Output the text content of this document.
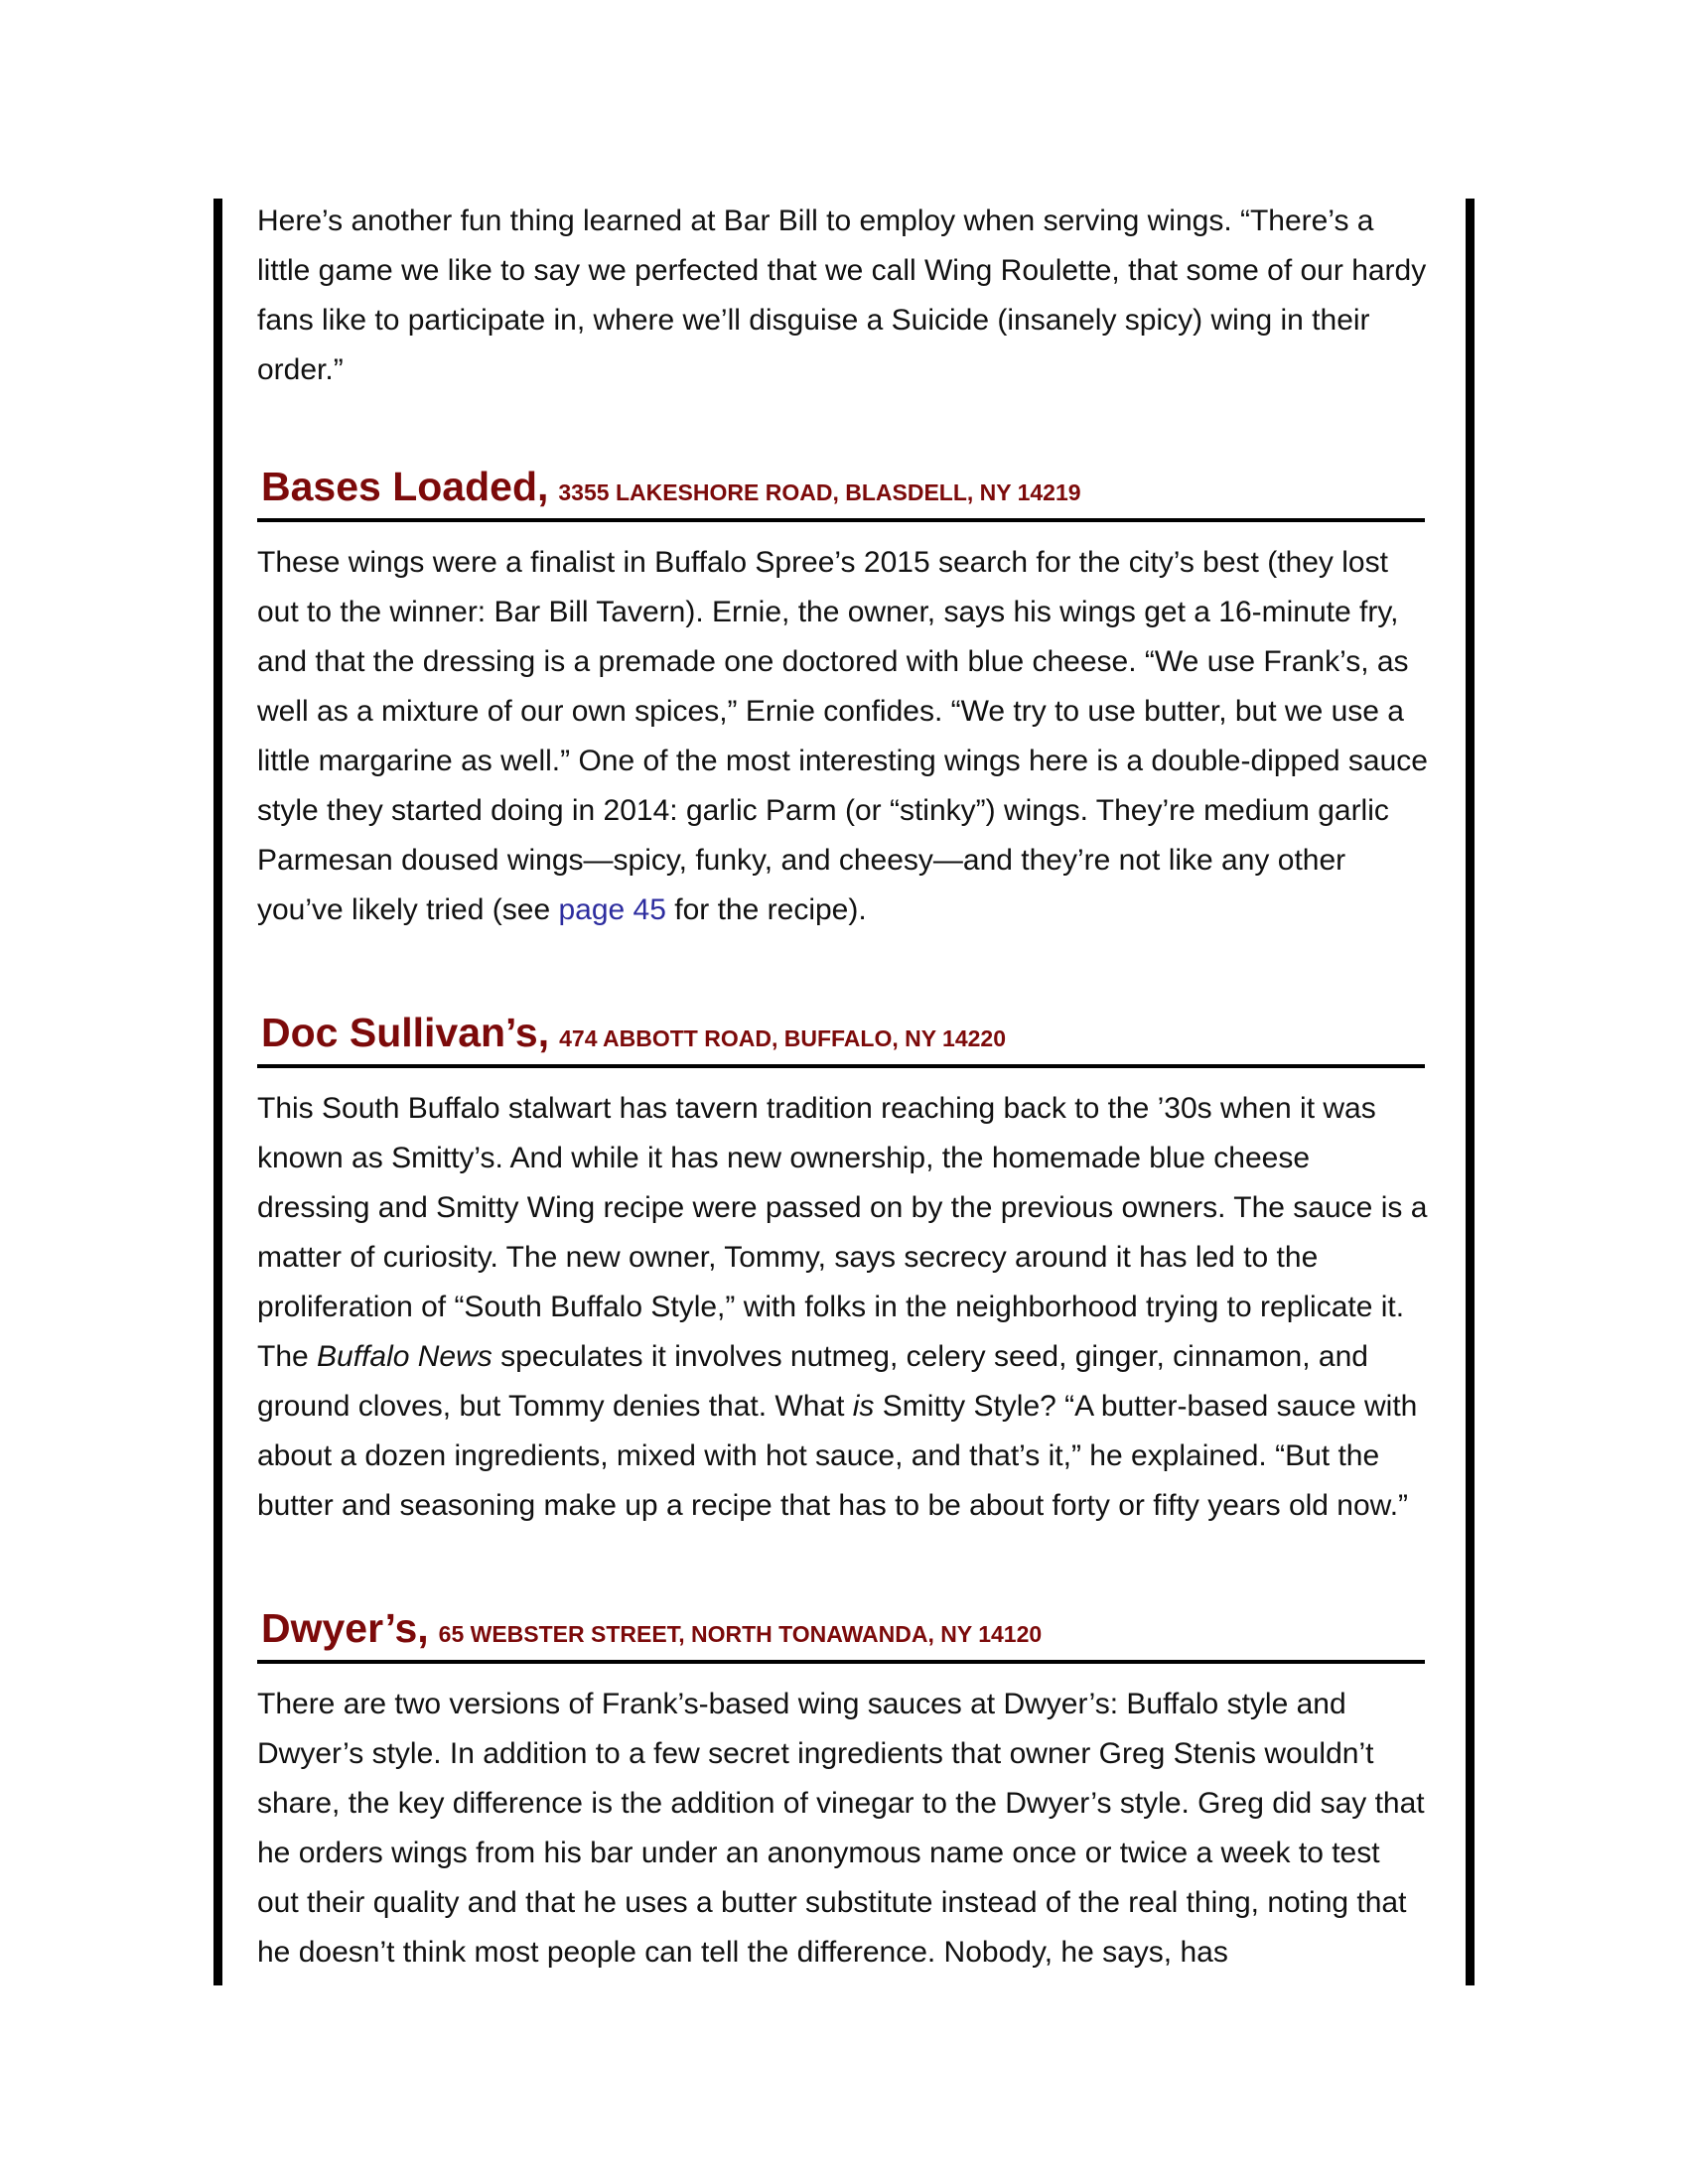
Here’s another fun thing learned at Bar Bill to employ when serving wings. “There’s a little game we like to say we perfected that we call Wing Roulette, that some of our hardy fans like to participate in, where we’ll disguise a Suicide (insanely spicy) wing in their order.”

Bases Loaded, 3355 LAKESHORE ROAD, BLASDELL, NY 14219

These wings were a finalist in Buffalo Spree’s 2015 search for the city’s best (they lost out to the winner: Bar Bill Tavern). Ernie, the owner, says his wings get a 16-minute fry, and that the dressing is a premade one doctored with blue cheese. “We use Frank’s, as well as a mixture of our own spices,” Ernie confides. “We try to use butter, but we use a little margarine as well.” One of the most interesting wings here is a double-dipped sauce style they started doing in 2014: garlic Parm (or “stinky”) wings. They’re medium garlic Parmesan doused wings—spicy, funky, and cheesy—and they’re not like any other you’ve likely tried (see page 45 for the recipe).

Doc Sullivan’s, 474 ABBOTT ROAD, BUFFALO, NY 14220

This South Buffalo stalwart has tavern tradition reaching back to the ’30s when it was known as Smitty’s. And while it has new ownership, the homemade blue cheese dressing and Smitty Wing recipe were passed on by the previous owners. The sauce is a matter of curiosity. The new owner, Tommy, says secrecy around it has led to the proliferation of “South Buffalo Style,” with folks in the neighborhood trying to replicate it. The Buffalo News speculates it involves nutmeg, celery seed, ginger, cinnamon, and ground cloves, but Tommy denies that. What is Smitty Style? “A butter-based sauce with about a dozen ingredients, mixed with hot sauce, and that’s it,” he explained. “But the butter and seasoning make up a recipe that has to be about forty or fifty years old now.”

Dwyer’s, 65 WEBSTER STREET, NORTH TONAWANDA, NY 14120

There are two versions of Frank’s-based wing sauces at Dwyer’s: Buffalo style and Dwyer’s style. In addition to a few secret ingredients that owner Greg Stenis wouldn’t share, the key difference is the addition of vinegar to the Dwyer’s style. Greg did say that he orders wings from his bar under an anonymous name once or twice a week to test out their quality and that he uses a butter substitute instead of the real thing, noting that he doesn’t think most people can tell the difference. Nobody, he says, has
